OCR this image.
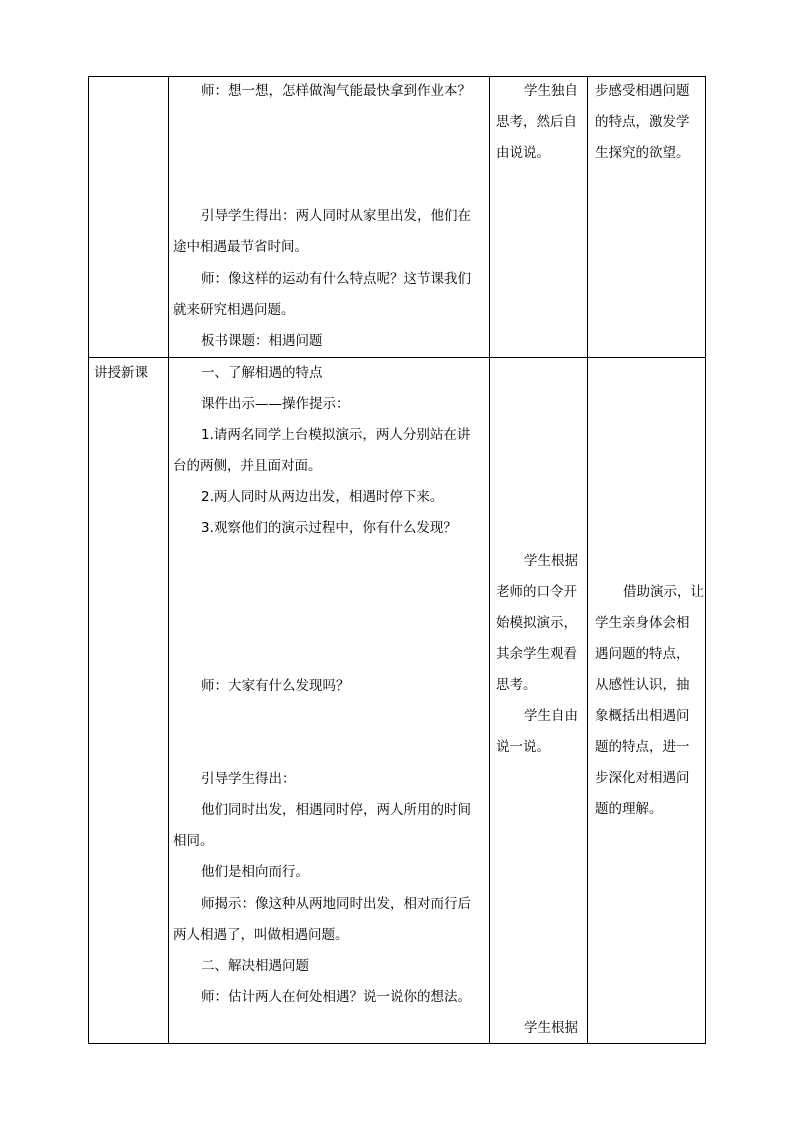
师：想一想，怎样做淘气能最快拿到作业本？
引导学生得出：两人同时从家里出发，他们在
途中相遇最节省时间。
师：像这样的运动有什么特点呢？这节课我们
就来研究相遇问题。
板书课题：相遇问题
学生独自
思考，然后自
由说说。
步感受相遇问题
的特点，激发学
生探究的欲望。
讲授新课	一、了解相遇的特点
课件出示——操作提示：
1.请两名同学上台模拟演示，两人分别站在讲
台的两侧，并且面对面。
2.两人同时从两边出发，相遇时停下来。
3.观察他们的演示过程中，你有什么发现？
师：大家有什么发现吗？
引导学生得出：
他们同时出发，相遇同时停，两人所用的时间
相同。
他们是相向而行。
师揭示：像这种从两地同时出发，相对而行后
两人相遇了，叫做相遇问题。
二、解决相遇问题
师：估计两人在何处相遇？说一说你的想法。
学生根据
老师的口令开
始模拟演示，
其余学生观看
思考。
学生自由
说一说。
学生根据
借助演示，让
学生亲身体会相
遇问题的特点，
从感性认识，抽
象概括出相遇问
题的特点，进一
步深化对相遇问
题的理解。
